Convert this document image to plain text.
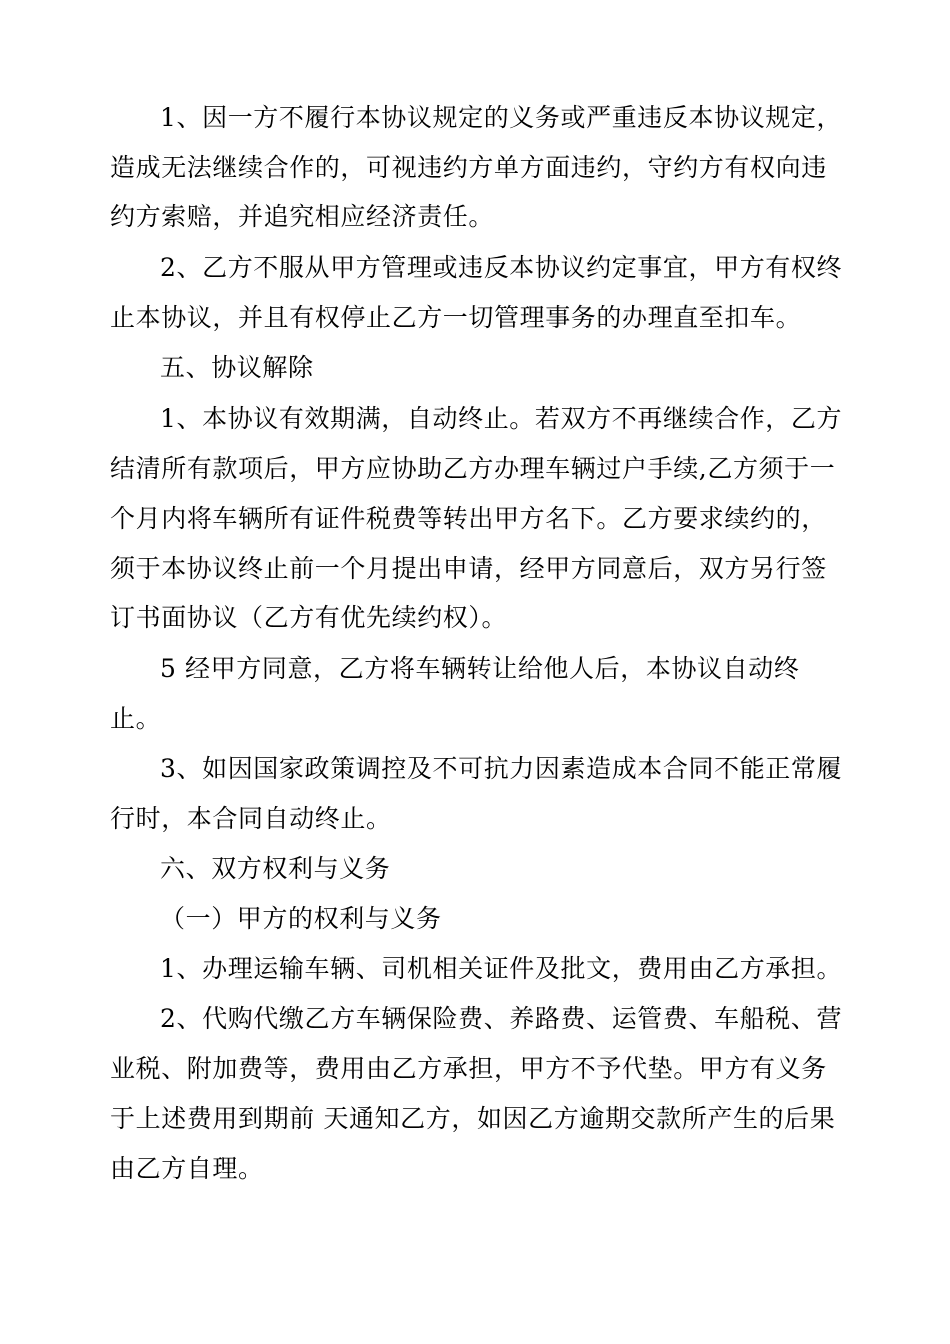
1、因一方不履行本协议规定的义务或严重违反本协议规定，
造成无法继续合作的，可视违约方单方面违约，守约方有权向违
约方索赔，并追究相应经济责任。
2、乙方不服从甲方管理或违反本协议约定事宜，甲方有权终
止本协议，并且有权停止乙方一切管理事务的办理直至扣车。
五、协议解除
1、本协议有效期满，自动终止。若双方不再继续合作，乙方
结清所有款项后，甲方应协助乙方办理车辆过户手续,乙方须于一
个月内将车辆所有证件税费等转出甲方名下。乙方要求续约的，
须于本协议终止前一个月提出申请，经甲方同意后，双方另行签
订书面协议（乙方有优先续约权）。
5 经甲方同意，乙方将车辆转让给他人后，本协议自动终
止。
3、如因国家政策调控及不可抗力因素造成本合同不能正常履
行时，本合同自动终止。
六、双方权利与义务
（一）甲方的权利与义务
1、办理运输车辆、司机相关证件及批文，费用由乙方承担。
2、代购代缴乙方车辆保险费、养路费、运管费、车船税、营
业税、附加费等，费用由乙方承担，甲方不予代垫。甲方有义务
于上述费用到期前 天通知乙方，如因乙方逾期交款所产生的后果
由乙方自理。
